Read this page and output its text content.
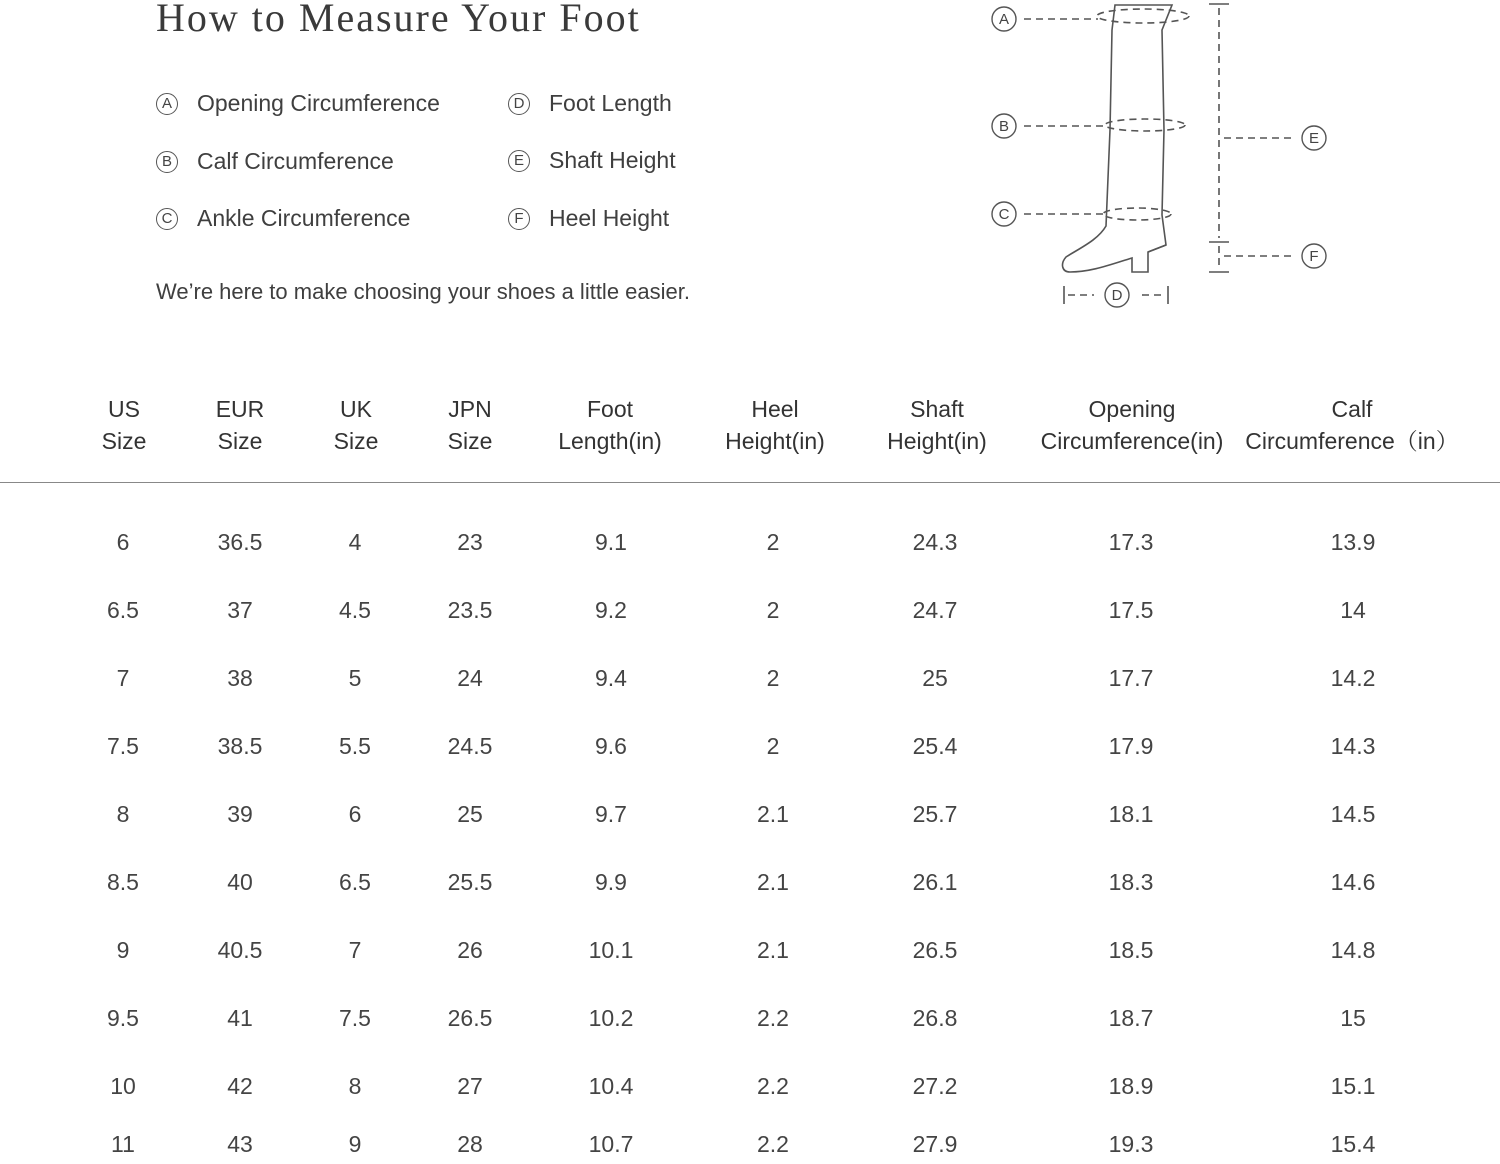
How to Measure Your Foot
A Opening Circumference
B Calf Circumference
C Ankle Circumference
D Foot Length
E Shaft Height
F Heel Height

We’re here to make choosing your shoes a little easier.

A
B
C
E
F
D
US
Size
EUR
Size
UK
Size
JPN
Size
Foot
Length(in)
Heel
Height(in)
Shaft
Height(in)
Opening
Circumference(in)
Calf
Circumference（in）
6	36.5	4	23	9.1	2	24.3	17.3	13.9
6.5	37	4.5	23.5	9.2	2	24.7	17.5	14
7	38	5	24	9.4	2	25	17.7	14.2
7.5	38.5	5.5	24.5	9.6	2	25.4	17.9	14.3
8	39	6	25	9.7	2.1	25.7	18.1	14.5
8.5	40	6.5	25.5	9.9	2.1	26.1	18.3	14.6
9	40.5	7	26	10.1	2.1	26.5	18.5	14.8
9.5	41	7.5	26.5	10.2	2.2	26.8	18.7	15
10	42	8	27	10.4	2.2	27.2	18.9	15.1
11	43	9	28	10.7	2.2	27.9	19.3	15.4
